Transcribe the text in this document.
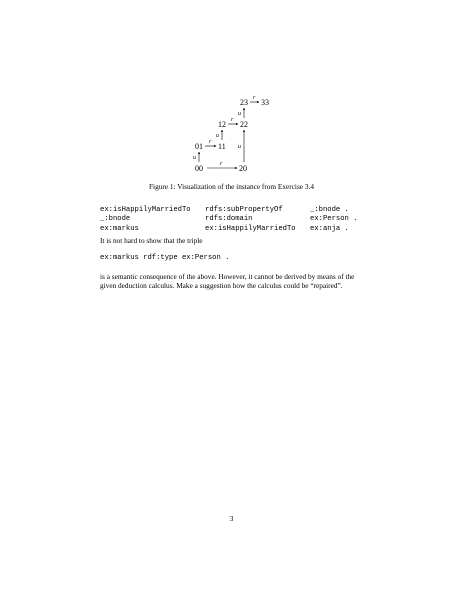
00	20
01 11
12 22
23 33
r
u
r
u
r
u
u
r
Figure 1: Visualization of the instance from Exercise 3.4
ex:isHappilyMarriedTo	rdfs:subPropertyOf	_:bnode .
_:bnode	rdfs:domain	ex:Person .
ex:markus	ex:isHappilyMarriedTo	ex:anja .
It is not hard to show that the triple
ex:markus rdf:type ex:Person .
is a semantic consequence of the above. However, it cannot be derived by means of the given deduction calculus. Make a suggestion how the calculus could be “repaired”.
3
